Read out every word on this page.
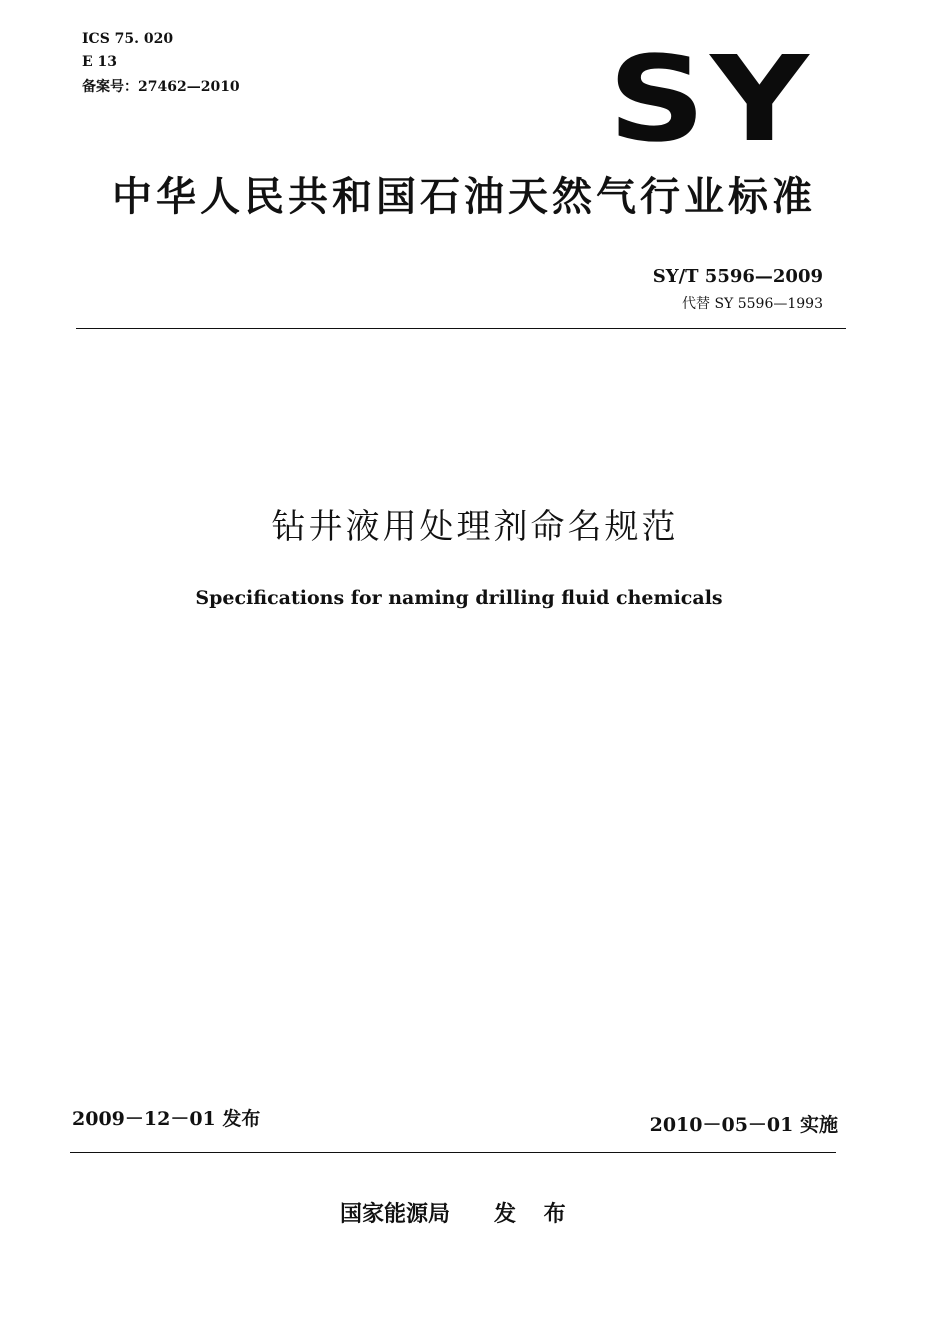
ICS 75. 020
E 13
备案号：27462—2010	SY
中华人民共和国石油天然气行业标准
SY/T 5596—2009
代替 SY 5596—1993
钻井液用处理剂命名规范
Specifications for naming drilling fluid chemicals
2009－12－01 发布	2010－05－01 实施
国家能源局 发 布
